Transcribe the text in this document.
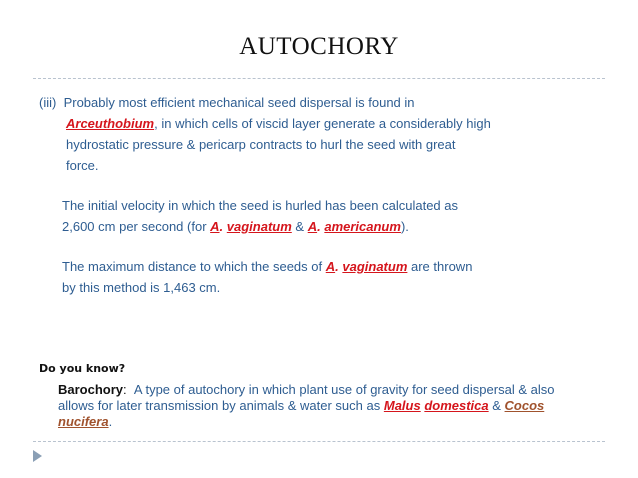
AUTOCHORY
(iii) Probably most efficient mechanical seed dispersal is found in
Arceuthobium, in which cells of viscid layer generate a considerably high
hydrostatic pressure & pericarp contracts to hurl the seed with great
force.
The initial velocity in which the seed is hurled has been calculated as
2,600 cm per second (for A. vaginatum & A. americanum).
The maximum distance to which the seeds of A. vaginatum are thrown
by this method is 1,463 cm.
Do you know?
Barochory: A type of autochory in which plant use of gravity for seed dispersal & also
allows for later transmission by animals & water such as Malus domestica & Cocos
nucifera.
